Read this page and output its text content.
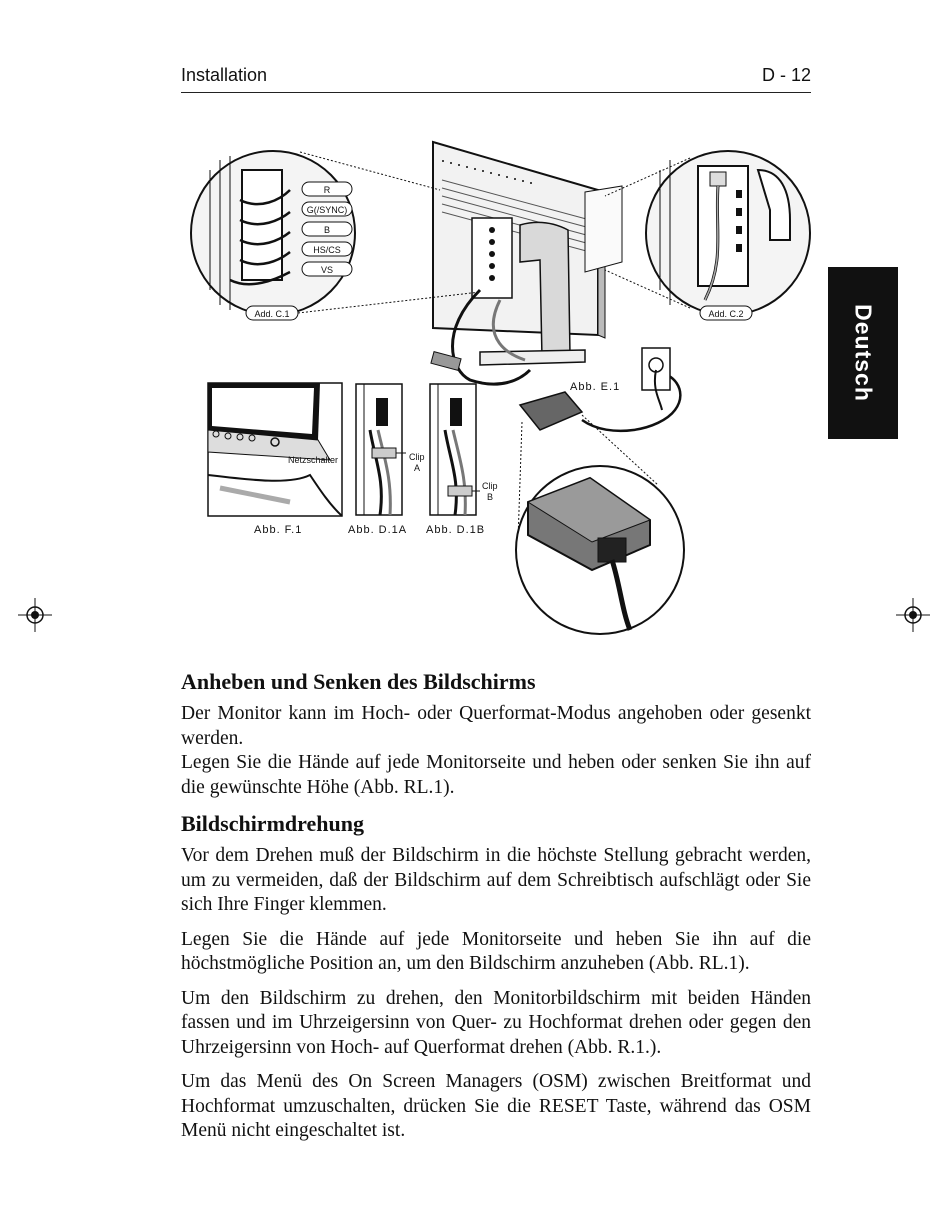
Installation	D - 12
Deutsch
R
G(/SYNC)
B
HS/CS
VS
Add. C.1	Add. C.2
Abb. E.1
Netzschalter
Abb. F.1
Clip
A
Abb. D.1A
Clip
B
Abb. D.1B
Anheben und Senken des Bildschirms

Der Monitor kann im Hoch- oder Querformat-Modus angehoben oder gesenkt werden.

Legen Sie die Hände auf jede Monitorseite und heben oder senken Sie ihn auf die gewünschte Höhe (Abb. RL.1).

Bildschirmdrehung

Vor dem Drehen muß der Bildschirm in die höchste Stellung gebracht werden, um zu vermeiden, daß der Bildschirm auf dem Schreibtisch aufschlägt oder Sie sich Ihre Finger klemmen.

Legen Sie die Hände auf jede Monitorseite und heben Sie ihn auf die höchstmögliche Position an, um den Bildschirm anzuheben (Abb. RL.1).

Um den Bildschirm zu drehen, den Monitorbildschirm mit beiden Händen fassen und im Uhrzeigersinn von Quer- zu Hochformat drehen oder gegen den Uhrzeigersinn von Hoch- auf Querformat drehen (Abb. R.1.).

Um das Menü des On Screen Managers (OSM) zwischen Breitformat und Hochformat umzuschalten, drücken Sie die RESET Taste, während das OSM Menü nicht eingeschaltet ist.
